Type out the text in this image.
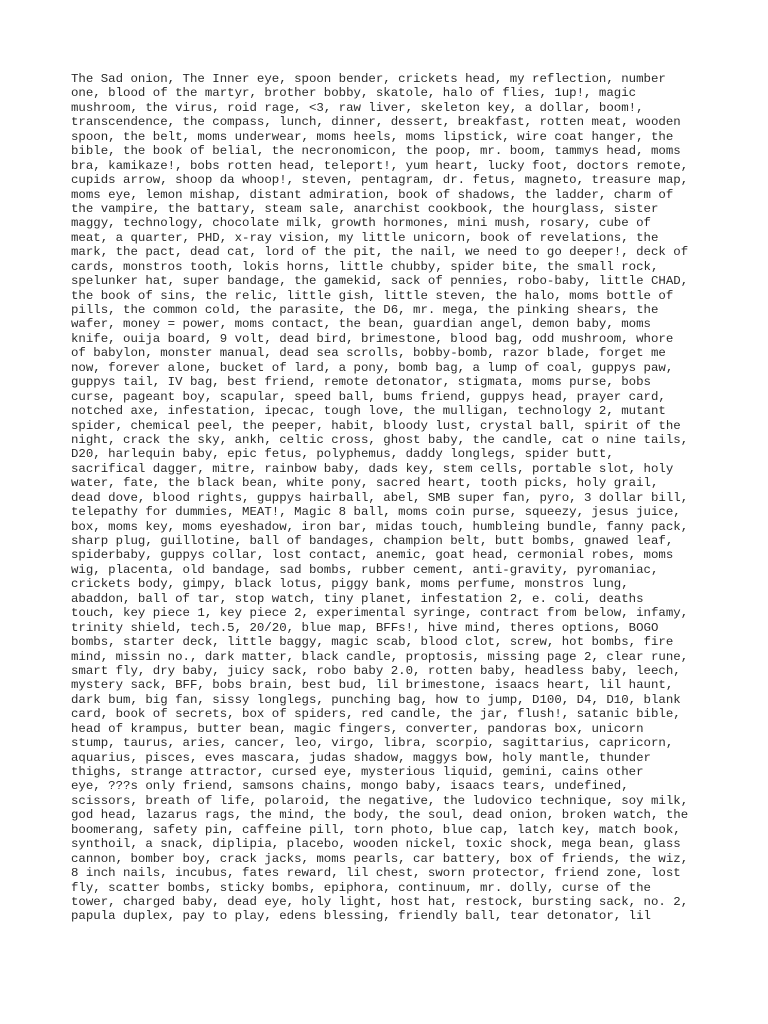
The Sad onion, The Inner eye, spoon bender, crickets head, my reflection, number
one, blood of the martyr, brother bobby, skatole, halo of flies, 1up!, magic
mushroom, the virus, roid rage, <3, raw liver, skeleton key, a dollar, boom!,
transcendence, the compass, lunch, dinner, dessert, breakfast, rotten meat, wooden
spoon, the belt, moms underwear, moms heels, moms lipstick, wire coat hanger, the
bible, the book of belial, the necronomicon, the poop, mr. boom, tammys head, moms
bra, kamikaze!, bobs rotten head, teleport!, yum heart, lucky foot, doctors remote,
cupids arrow, shoop da whoop!, steven, pentagram, dr. fetus, magneto, treasure map,
moms eye, lemon mishap, distant admiration, book of shadows, the ladder, charm of
the vampire, the battary, steam sale, anarchist cookbook, the hourglass, sister
maggy, technology, chocolate milk, growth hormones, mini mush, rosary, cube of
meat, a quarter, PHD, x-ray vision, my little unicorn, book of revelations, the
mark, the pact, dead cat, lord of the pit, the nail, we need to go deeper!, deck of
cards, monstros tooth, lokis horns, little chubby, spider bite, the small rock,
spelunker hat, super bandage, the gamekid, sack of pennies, robo-baby, little CHAD,
the book of sins, the relic, little gish, little steven, the halo, moms bottle of
pills, the common cold, the parasite, the D6, mr. mega, the pinking shears, the
wafer, money = power, moms contact, the bean, guardian angel, demon baby, moms
knife, ouija board, 9 volt, dead bird, brimestone, blood bag, odd mushroom, whore
of babylon, monster manual, dead sea scrolls, bobby-bomb, razor blade, forget me
now, forever alone, bucket of lard, a pony, bomb bag, a lump of coal, guppys paw,
guppys tail, IV bag, best friend, remote detonator, stigmata, moms purse, bobs
curse, pageant boy, scapular, speed ball, bums friend, guppys head, prayer card,
notched axe, infestation, ipecac, tough love, the mulligan, technology 2, mutant
spider, chemical peel, the peeper, habit, bloody lust, crystal ball, spirit of the
night, crack the sky, ankh, celtic cross, ghost baby, the candle, cat o nine tails,
D20, harlequin baby, epic fetus, polyphemus, daddy longlegs, spider butt,
sacrifical dagger, mitre, rainbow baby, dads key, stem cells, portable slot, holy
water, fate, the black bean, white pony, sacred heart, tooth picks, holy grail,
dead dove, blood rights, guppys hairball, abel, SMB super fan, pyro, 3 dollar bill,
telepathy for dummies, MEAT!, Magic 8 ball, moms coin purse, squeezy, jesus juice,
box, moms key, moms eyeshadow, iron bar, midas touch, humbleing bundle, fanny pack,
sharp plug, guillotine, ball of bandages, champion belt, butt bombs, gnawed leaf,
spiderbaby, guppys collar, lost contact, anemic, goat head, cermonial robes, moms
wig, placenta, old bandage, sad bombs, rubber cement, anti-gravity, pyromaniac,
crickets body, gimpy, black lotus, piggy bank, moms perfume, monstros lung,
abaddon, ball of tar, stop watch, tiny planet, infestation 2, e. coli, deaths
touch, key piece 1, key piece 2, experimental syringe, contract from below, infamy,
trinity shield, tech.5, 20/20, blue map, BFFs!, hive mind, theres options, BOGO
bombs, starter deck, little baggy, magic scab, blood clot, screw, hot bombs, fire
mind, missin no., dark matter, black candle, proptosis, missing page 2, clear rune,
smart fly, dry baby, juicy sack, robo baby 2.0, rotten baby, headless baby, leech,
mystery sack, BFF, bobs brain, best bud, lil brimestone, isaacs heart, lil haunt,
dark bum, big fan, sissy longlegs, punching bag, how to jump, D100, D4, D10, blank
card, book of secrets, box of spiders, red candle, the jar, flush!, satanic bible,
head of krampus, butter bean, magic fingers, converter, pandoras box, unicorn
stump, taurus, aries, cancer, leo, virgo, libra, scorpio, sagittarius, capricorn,
aquarius, pisces, eves mascara, judas shadow, maggys bow, holy mantle, thunder
thighs, strange attractor, cursed eye, mysterious liquid, gemini, cains other
eye, ???s only friend, samsons chains, mongo baby, isaacs tears, undefined,
scissors, breath of life, polaroid, the negative, the ludovico technique, soy milk,
god head, lazarus rags, the mind, the body, the soul, dead onion, broken watch, the
boomerang, safety pin, caffeine pill, torn photo, blue cap, latch key, match book,
synthoil, a snack, diplipia, placebo, wooden nickel, toxic shock, mega bean, glass
cannon, bomber boy, crack jacks, moms pearls, car battery, box of friends, the wiz,
8 inch nails, incubus, fates reward, lil chest, sworn protector, friend zone, lost
fly, scatter bombs, sticky bombs, epiphora, continuum, mr. dolly, curse of the
tower, charged baby, dead eye, holy light, host hat, restock, bursting sack, no. 2,
papula duplex, pay to play, edens blessing, friendly ball, tear detonator, lil
